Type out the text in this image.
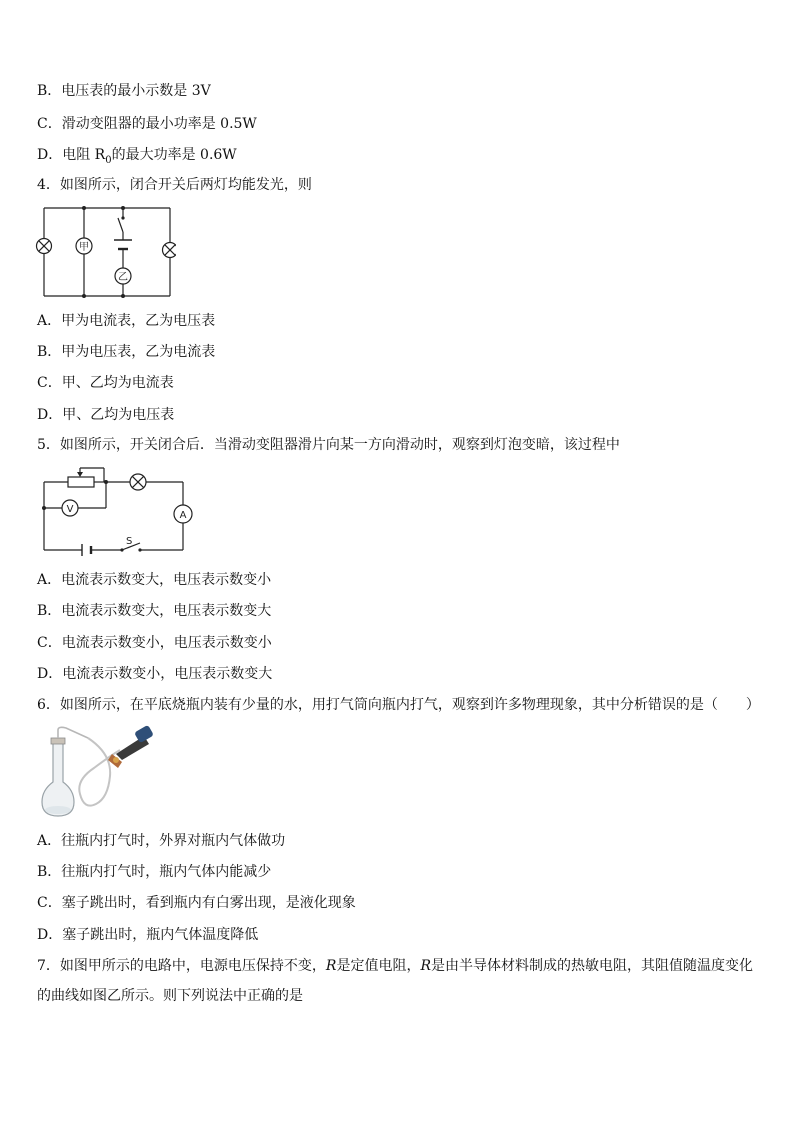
B．电压表的最小示数是 3V
C．滑动变阻器的最小功率是 0.5W
D．电阻 $R_0$的最大功率是 0.6W
4．如图所示，闭合开关后两灯均能发光，则
甲
乙
A．甲为电流表，乙为电压表
B．甲为电压表，乙为电流表
C．甲、乙均为电流表
D．甲、乙均为电压表
5．如图所示，开关闭合后．当滑动变阻器滑片向某一方向滑动时，观察到灯泡变暗，该过程中
V
A
S
A．电流表示数变大，电压表示数变小
B．电流表示数变大，电压表示数变大
C．电流表示数变小，电压表示数变小
D．电流表示数变小，电压表示数变大
6．如图所示，在平底烧瓶内装有少量的水，用打气筒向瓶内打气，观察到许多物理现象，其中分析错误的是（　　）
A．往瓶内打气时，外界对瓶内气体做功
B．往瓶内打气时，瓶内气体内能减少
C．塞子跳出时，看到瓶内有白雾出现，是液化现象
D．塞子跳出时，瓶内气体温度降低
7．如图甲所示的电路中，电源电压保持不变，R是定值电阻，R是由半导体材料制成的热敏电阻，其阻值随温度变化的曲线如图乙所示。则下列说法中正确的是
